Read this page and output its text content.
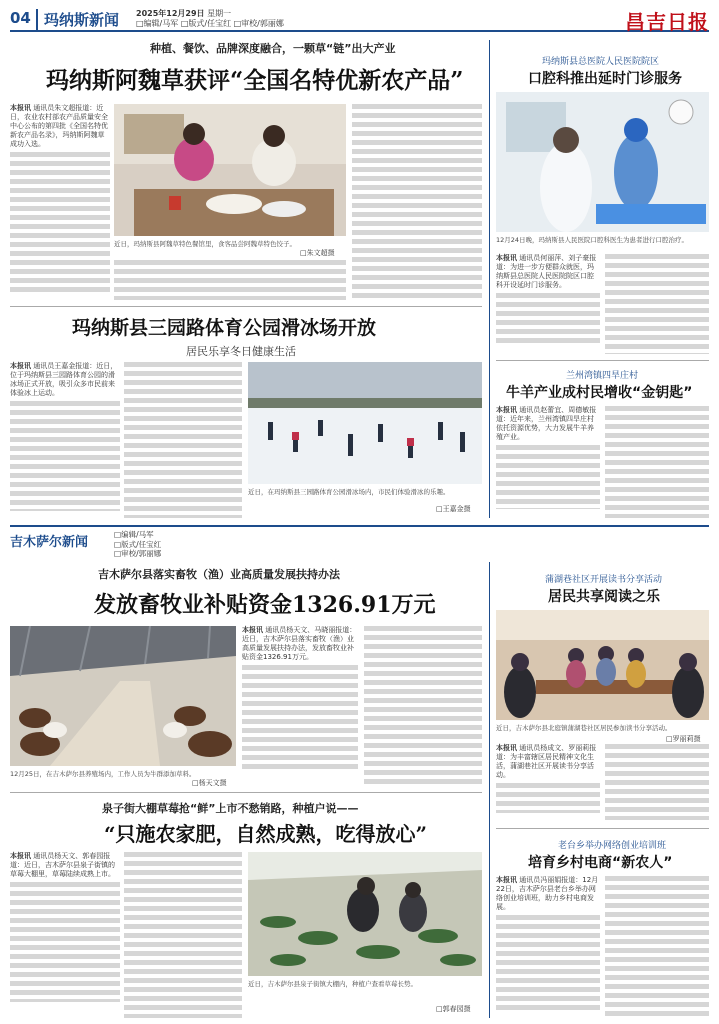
04 玛纳斯新闻 2025年12月29日 星期一
□编辑/马军 □版式/任宝红 □审校/郭丽娜	昌吉日报
种植、餐饮、品牌深度融合，一颗草“链”出大产业
玛纳斯阿魏草获评“全国名特优新农产品”

本报讯 通讯员朱文超报道：近日，农业农村部农产品质量安全中心公布的第四批《全国名特优新农产品名录》，玛纳斯阿魏草成功入选。

近日，玛纳斯县阿魏草特色餐馆里，食客品尝阿魏草特色饺子。
□朱文超摄
玛纳斯县三园路体育公园滑冰场开放
居民乐享冬日健康生活

本报讯 通讯员王嘉金报道：近日，位于玛纳斯县三园路体育公园的滑冰场正式开放，吸引众多市民前来体验冰上运动。

近日，在玛纳斯县三园路体育公园滑冰场内，市民们体验滑冰的乐趣。
□王嘉金摄
玛纳斯县总医院人民医院院区
口腔科推出延时门诊服务
12月24日晚，玛纳斯县人民医院口腔科医生为患者进行口腔治疗。

本报讯 通讯员何丽萍、刘子豪报道：为进一步方便群众就医，玛纳斯县总医院人民医院院区口腔科开设延时门诊服务。

兰州湾镇四旱庄村
牛羊产业成村民增收“金钥匙”

本报讯 通讯员赵蕾宜、周德敏报道：近年来，兰州湾镇四旱庄村依托资源优势，大力发展牛羊养殖产业。

吉木萨尔新闻
□编辑/马军
□版式/任宝红
□审校/郭丽娜
吉木萨尔县落实畜牧（渔）业高质量发展扶持办法
发放畜牧业补贴资金1326.91万元
12月25日，在吉木萨尔县养殖场内，工作人员为牛群添加草料。
□杨天文摄

本报讯 通讯员杨天文、马晓丽报道：近日，吉木萨尔县落实畜牧（渔）业高质量发展扶持办法，发放畜牧业补贴资金1326.91万元。

泉子街大棚草莓抢“鲜”上市不愁销路，种植户说——
“只施农家肥，自然成熟，吃得放心”

本报讯 通讯员杨天文、郭春园报道：近日，吉木萨尔县泉子街镇的草莓大棚里，草莓陆续成熟上市。

近日，吉木萨尔县泉子街镇大棚内，种植户查看草莓长势。
□郭春园摄
蒲湖巷社区开展读书分享活动
居民共享阅读之乐
近日，吉木萨尔县北庭镇蒲湖巷社区居民参加读书分享活动。
□罗丽莉摄

本报讯 通讯员杨成文、罗丽莉报道：为丰富辖区居民精神文化生活，蒲湖巷社区开展读书分享活动。

老台乡举办网络创业培训班
培育乡村电商“新农人”

本报讯 通讯员冯丽娟报道：12月22日，吉木萨尔县老台乡举办网络创业培训班，助力乡村电商发展。
